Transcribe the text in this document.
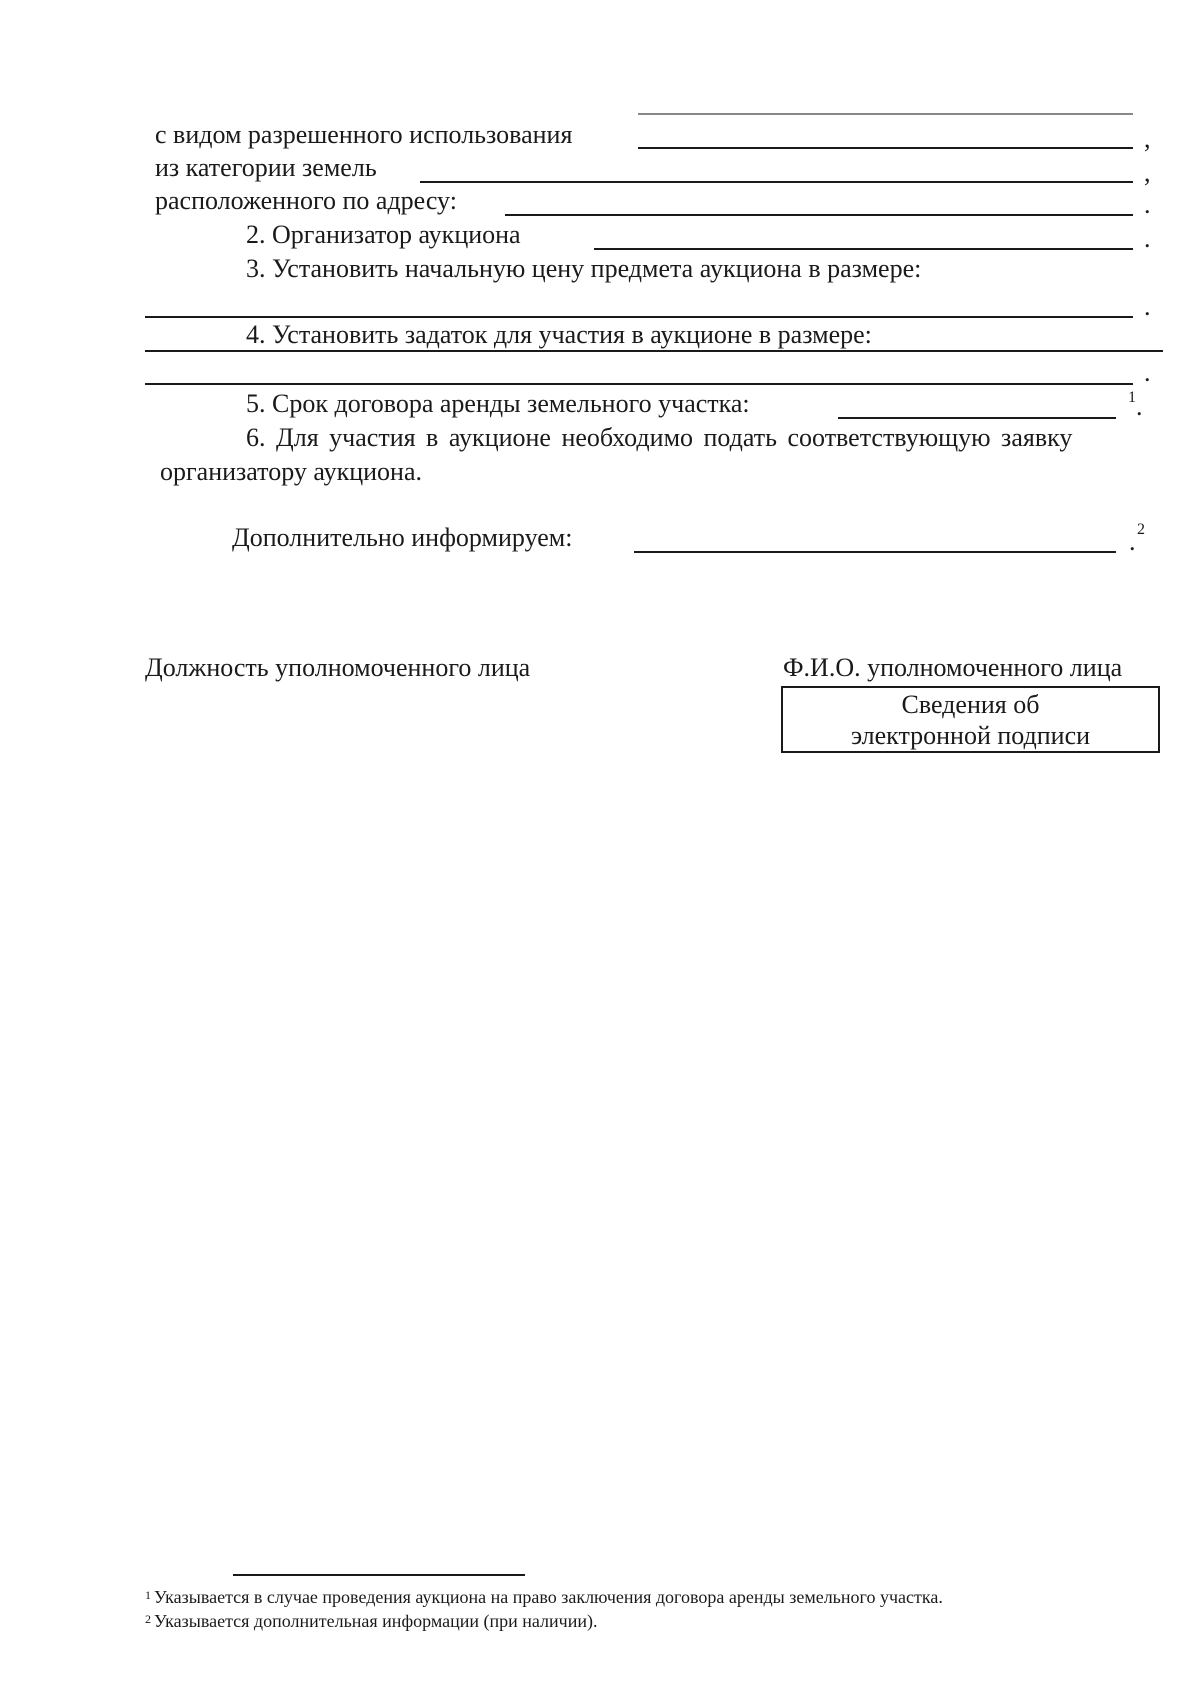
с видом разрешенного использования	,
из категории земель	,
расположенного по адресу:	.
2. Организатор аукциона	.
3. Установить начальную цену предмета аукциона в размере:
.
4. Установить задаток для участия в аукционе в размере:
.
5. Срок договора аренды земельного участка:	1 .
6. Для участия в аукционе необходимо подать соответствующую заявку
организатору аукциона.
Дополнительно информируем:	. 2
Должность уполномоченного лица	Ф.И.О. уполномоченного лица
Сведения об
электронной подписи
$^1$ Указывается в случае проведения аукциона на право заключения договора аренды земельного участка.
$^2$ Указывается дополнительная информации (при наличии).
